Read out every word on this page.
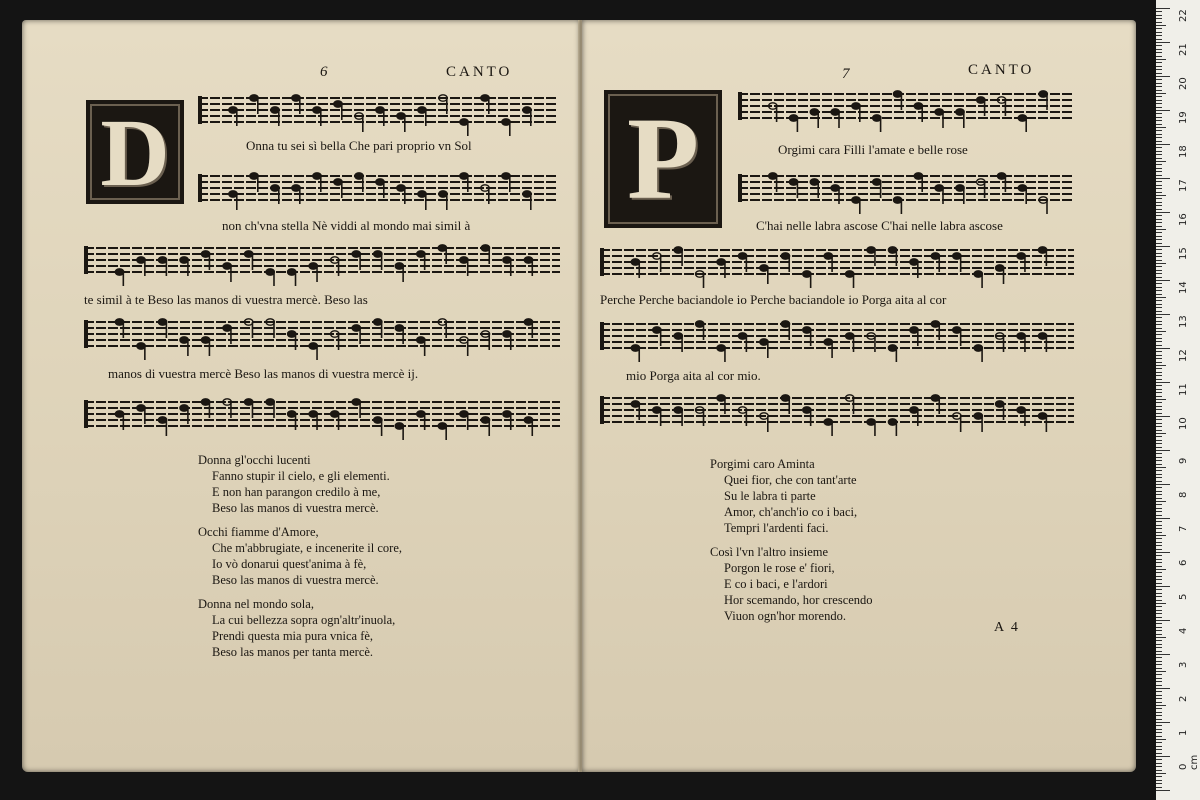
CANTO
6
D	Onna tu sei sì bella Che pari proprio vn Sol
non ch'vna stella Nè viddi al mondo mai simil à
te simil à te Beso las manos di vuestra mercè. Beso las
manos di vuestra mercè Beso las manos di vuestra mercè ij.
Donna gl'occhi lucenti
Fanno stupir il cielo, e gli elementi.
E non han parangon credilo à me,
Beso las manos di vuestra mercè.
Occhi fiamme d'Amore,
Che m'abbrugiate, e incenerite il core,
Io vò donarui quest'anima à fè,
Beso las manos di vuestra mercè.
Donna nel mondo sola,
La cui bellezza sopra ogn'altr'inuola,
Prendi questa mia pura vnica fè,
Beso las manos per tanta mercè.
CANTO
7
P	Orgimi cara Filli l'amate e belle rose
C'hai nelle labra ascose C'hai nelle labra ascose
Perche Perche baciandole io Perche baciandole io Porga aita al cor
mio Porga aita al cor mio.
Porgimi caro Aminta
Quei fior, che con tant'arte
Su le labra ti parte
Amor, ch'anch'io co i baci,
Tempri l'ardenti faci.
Così l'vn l'altro insieme
Porgon le rose e' fiori,
E co i baci, e l'ardori
Hor scemando, hor crescendo
Viuon ogn'hor morendo.
A 4
22
21
20
19
18
17
16
15
14
13
12
11
10
9
8
7
6
5
4
3
2
1
0 cm
